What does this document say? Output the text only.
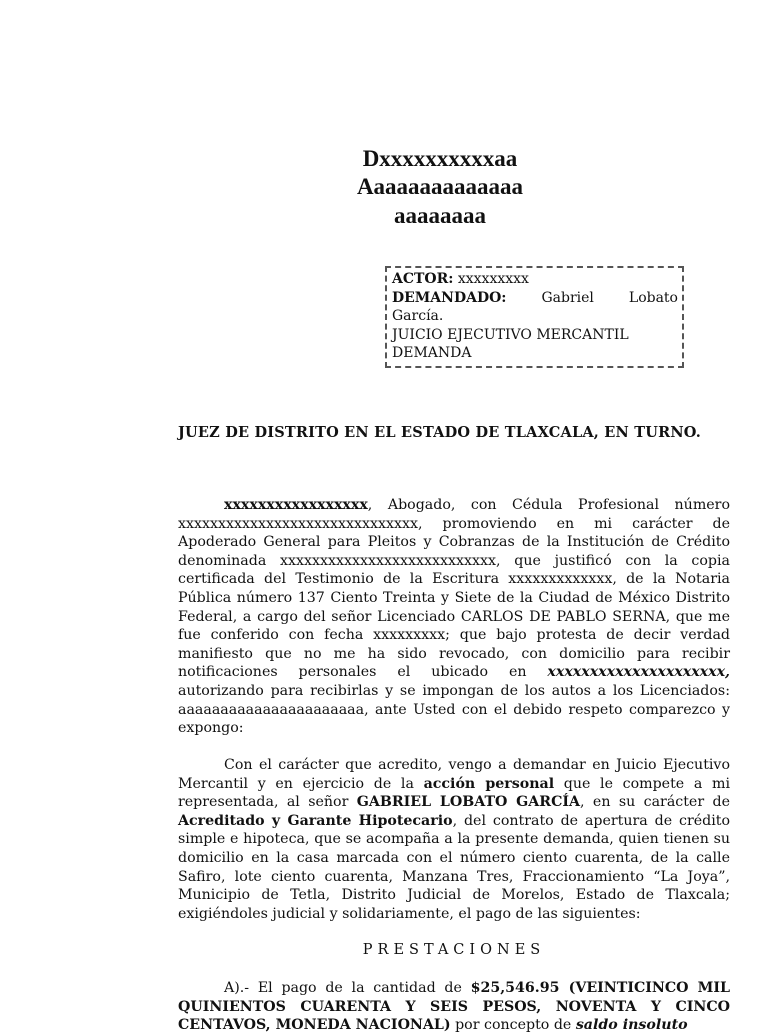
Dxxxxxxxxxxaa
Aaaaaaaaaaaaaa
aaaaaaaa
ACTOR: xxxxxxxxx
DEMANDADO: Gabriel Lobato
García.
JUICIO EJECUTIVO MERCANTIL
DEMANDA
JUEZ DE DISTRITO EN EL ESTADO DE TLAXCALA, EN TURNO.
xxxxxxxxxxxxxxxxx, Abogado, con Cédula Profesional número xxxxxxxxxxxxxxxxxxxxxxxxxxxxxx, promoviendo en mi carácter de Apoderado General para Pleitos y Cobranzas de la Institución de Crédito denominada xxxxxxxxxxxxxxxxxxxxxxxxxxx, que justificó con la copia certificada del Testimonio de la Escritura xxxxxxxxxxxxx, de la Notaria Pública número 137 Ciento Treinta y Siete de la Ciudad de México Distrito Federal, a cargo del señor Licenciado CARLOS DE PABLO SERNA, que me fue conferido con fecha xxxxxxxxx; que bajo protesta de decir verdad manifiesto que no me ha sido revocado, con domicilio para recibir notificaciones personales el ubicado en xxxxxxxxxxxxxxxxxxxxx, autorizando para recibirlas y se impongan de los autos a los Licenciados: aaaaaaaaaaaaaaaaaaaaaa, ante Usted con el debido respeto comparezco y expongo:
Con el carácter que acredito, vengo a demandar en Juicio Ejecutivo Mercantil y en ejercicio de la acción personal que le compete a mi representada, al señor GABRIEL LOBATO GARCÍA, en su carácter de Acreditado y Garante Hipotecario, del contrato de apertura de crédito simple e hipoteca, que se acompaña a la presente demanda, quien tienen su domicilio en la casa marcada con el número ciento cuarenta, de la calle Safiro, lote ciento cuarenta, Manzana Tres, Fraccionamiento “La Joya”, Municipio de Tetla, Distrito Judicial de Morelos, Estado de Tlaxcala; exigiéndoles judicial y solidariamente, el pago de las siguientes:
PRESTACIONES
A).- El pago de la cantidad de $25,546.95 (VEINTICINCO MIL QUINIENTOS CUARENTA Y SEIS PESOS, NOVENTA Y CINCO CENTAVOS, MONEDA NACIONAL) por concepto de saldo insoluto
